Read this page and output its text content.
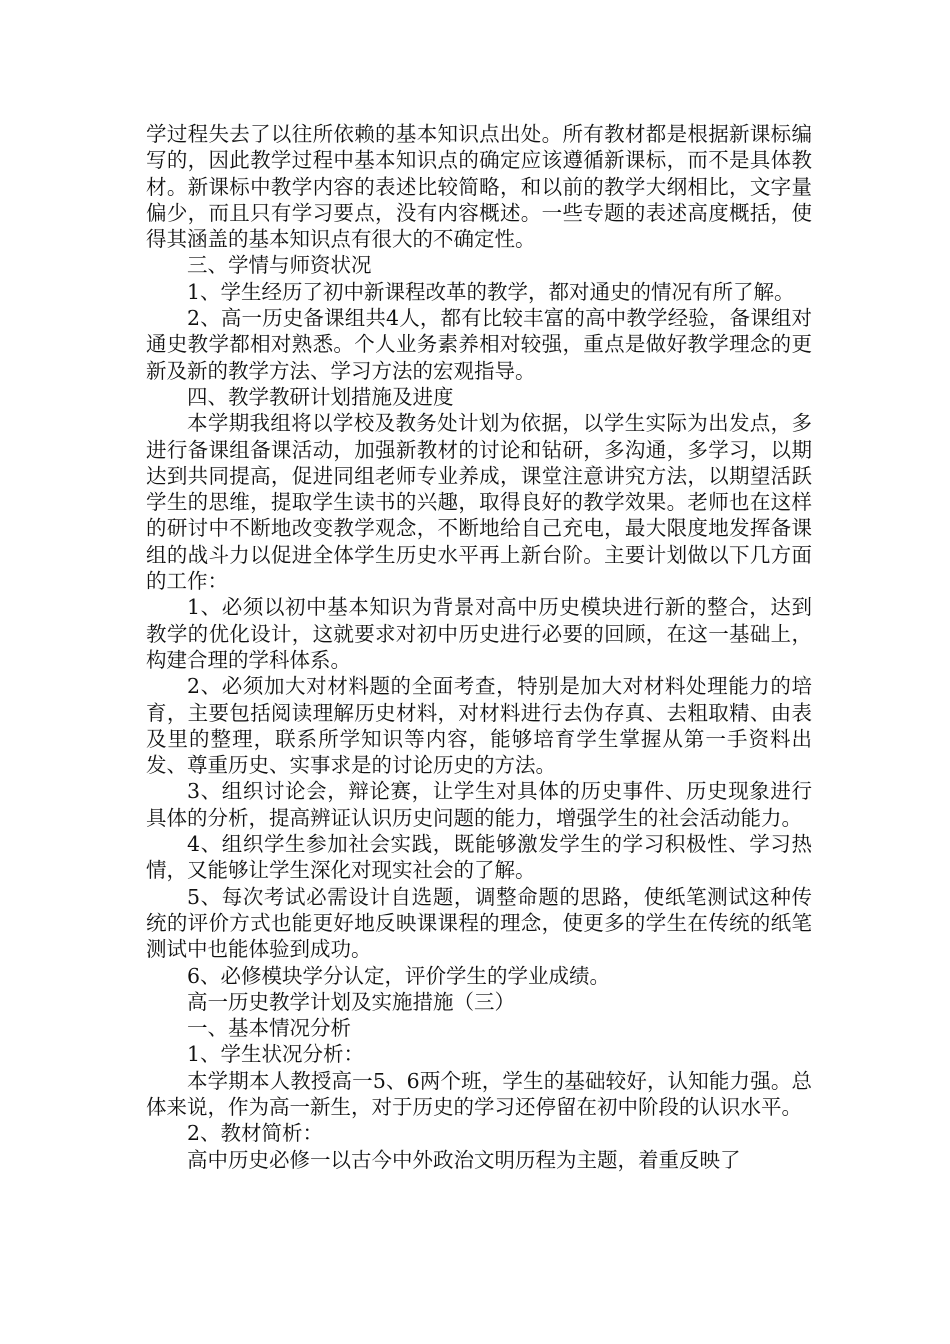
学过程失去了以往所依赖的基本知识点出处。所有教材都是根据新课标编写的，因此教学过程中基本知识点的确定应该遵循新课标，而不是具体教材。新课标中教学内容的表述比较简略，和以前的教学大纲相比，文字量偏少，而且只有学习要点，没有内容概述。一些专题的表述高度概括，使得其涵盖的基本知识点有很大的不确定性。

三、学情与师资状况

1、学生经历了初中新课程改革的教学，都对通史的情况有所了解。

2、高一历史备课组共4人，都有比较丰富的高中教学经验，备课组对通史教学都相对熟悉。个人业务素养相对较强，重点是做好教学理念的更新及新的教学方法、学习方法的宏观指导。

四、教学教研计划措施及进度

本学期我组将以学校及教务处计划为依据，以学生实际为出发点，多进行备课组备课活动，加强新教材的讨论和钻研，多沟通，多学习，以期达到共同提高，促进同组老师专业养成，课堂注意讲究方法，以期望活跃学生的思维，提取学生读书的兴趣，取得良好的教学效果。老师也在这样的研讨中不断地改变教学观念，不断地给自己充电，最大限度地发挥备课组的战斗力以促进全体学生历史水平再上新台阶。主要计划做以下几方面的工作：

1、必须以初中基本知识为背景对高中历史模块进行新的整合，达到教学的优化设计，这就要求对初中历史进行必要的回顾，在这一基础上，构建合理的学科体系。

2、必须加大对材料题的全面考查，特别是加大对材料处理能力的培育，主要包括阅读理解历史材料，对材料进行去伪存真、去粗取精、由表及里的整理，联系所学知识等内容，能够培育学生掌握从第一手资料出发、尊重历史、实事求是的讨论历史的方法。

3、组织讨论会，辩论赛，让学生对具体的历史事件、历史现象进行具体的分析，提高辨证认识历史问题的能力，增强学生的社会活动能力。

4、组织学生参加社会实践，既能够激发学生的学习积极性、学习热情，又能够让学生深化对现实社会的了解。

5、每次考试必需设计自选题，调整命题的思路，使纸笔测试这种传统的评价方式也能更好地反映课课程的理念，使更多的学生在传统的纸笔测试中也能体验到成功。

6、必修模块学分认定，评价学生的学业成绩。

高一历史教学计划及实施措施（三）

一、基本情况分析

1、学生状况分析：

本学期本人教授高一5、6两个班，学生的基础较好，认知能力强。总体来说，作为高一新生，对于历史的学习还停留在初中阶段的认识水平。

2、教材简析：

高中历史必修一以古今中外政治文明历程为主题，着重反映了
